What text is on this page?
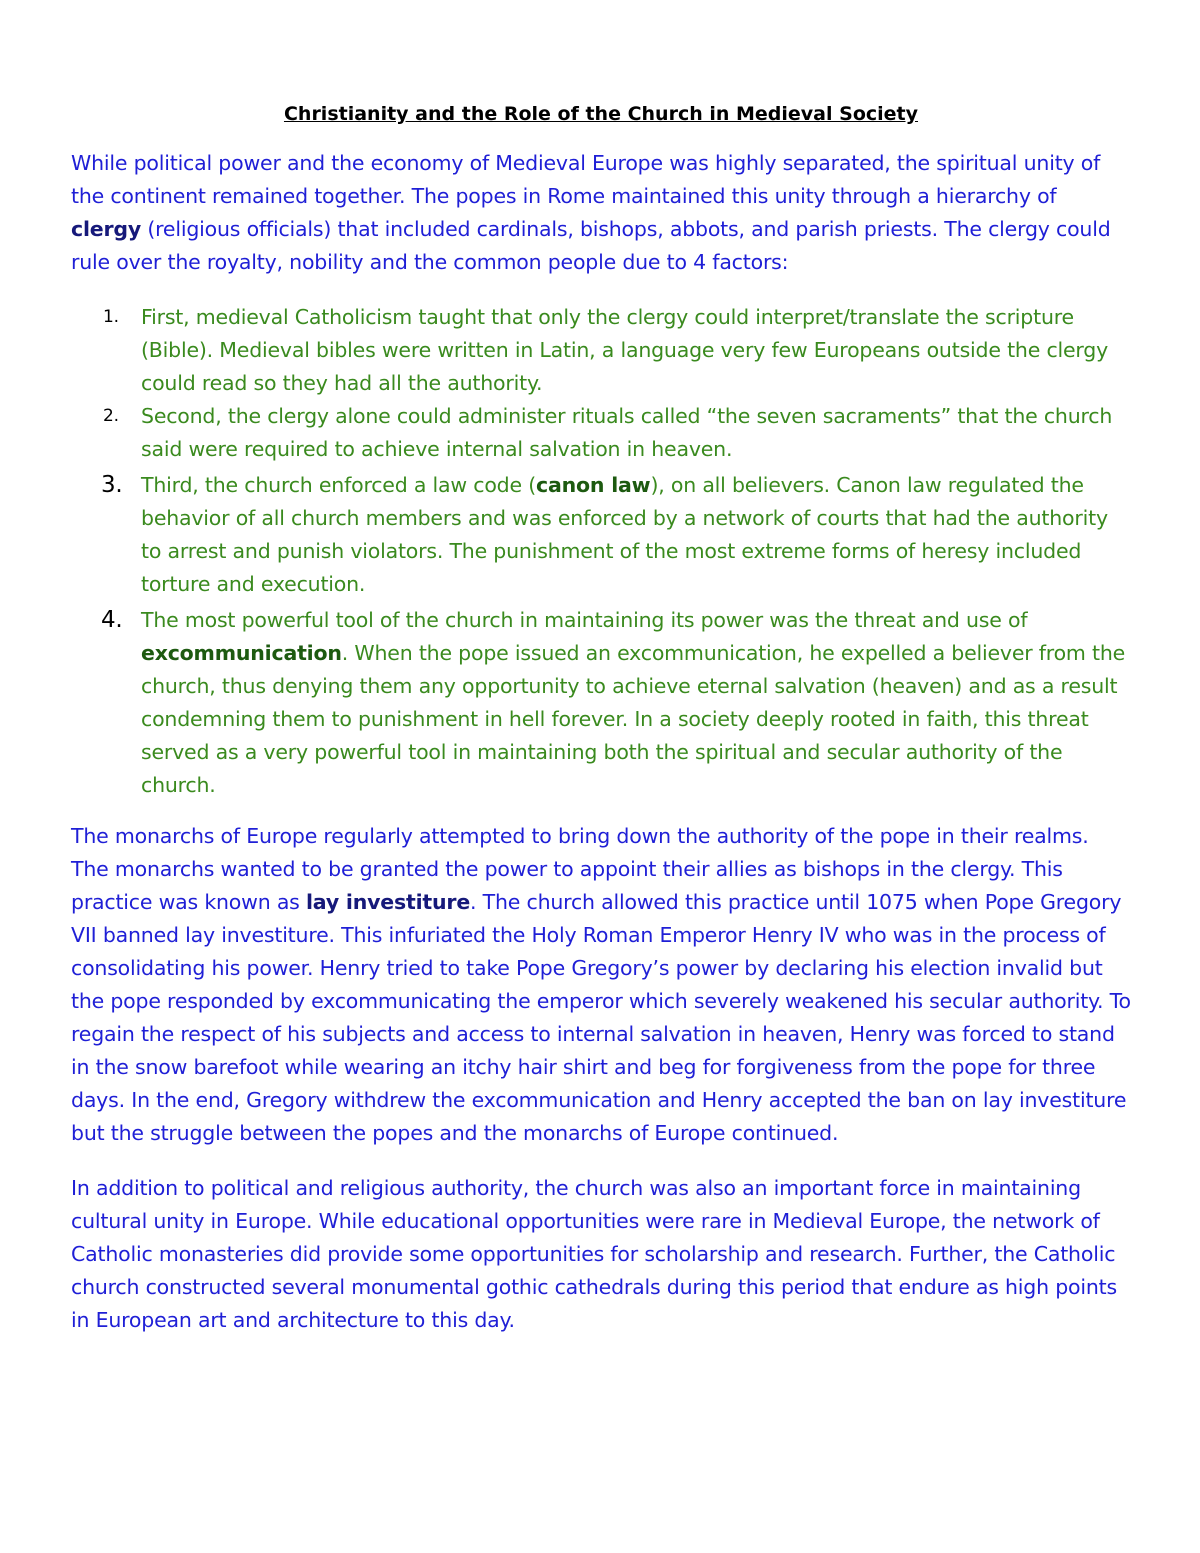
Christianity and the Role of the Church in Medieval Society

While political power and the economy of Medieval Europe was highly separated, the spiritual unity of the continent remained together. The popes in Rome maintained this unity through a hierarchy of clergy (religious officials) that included cardinals, bishops, abbots, and parish priests. The clergy could rule over the royalty, nobility and the common people due to 4 factors:

1. First, medieval Catholicism taught that only the clergy could interpret/translate the scripture (Bible). Medieval bibles were written in Latin, a language very few Europeans outside the clergy could read so they had all the authority.
2. Second, the clergy alone could administer rituals called “the seven sacraments” that the church said were required to achieve internal salvation in heaven.
3. Third, the church enforced a law code (canon law), on all believers. Canon law regulated the behavior of all church members and was enforced by a network of courts that had the authority to arrest and punish violators. The punishment of the most extreme forms of heresy included torture and execution.
4. The most powerful tool of the church in maintaining its power was the threat and use of excommunication. When the pope issued an excommunication, he expelled a believer from the church, thus denying them any opportunity to achieve eternal salvation (heaven) and as a result condemning them to punishment in hell forever. In a society deeply rooted in faith, this threat served as a very powerful tool in maintaining both the spiritual and secular authority of the church.

The monarchs of Europe regularly attempted to bring down the authority of the pope in their realms. The monarchs wanted to be granted the power to appoint their allies as bishops in the clergy. This practice was known as lay investiture. The church allowed this practice until 1075 when Pope Gregory VII banned lay investiture. This infuriated the Holy Roman Emperor Henry IV who was in the process of consolidating his power. Henry tried to take Pope Gregory’s power by declaring his election invalid but the pope responded by excommunicating the emperor which severely weakened his secular authority. To regain the respect of his subjects and access to internal salvation in heaven, Henry was forced to stand in the snow barefoot while wearing an itchy hair shirt and beg for forgiveness from the pope for three days. In the end, Gregory withdrew the excommunication and Henry accepted the ban on lay investiture but the struggle between the popes and the monarchs of Europe continued.

In addition to political and religious authority, the church was also an important force in maintaining cultural unity in Europe. While educational opportunities were rare in Medieval Europe, the network of Catholic monasteries did provide some opportunities for scholarship and research. Further, the Catholic church constructed several monumental gothic cathedrals during this period that endure as high points in European art and architecture to this day.
